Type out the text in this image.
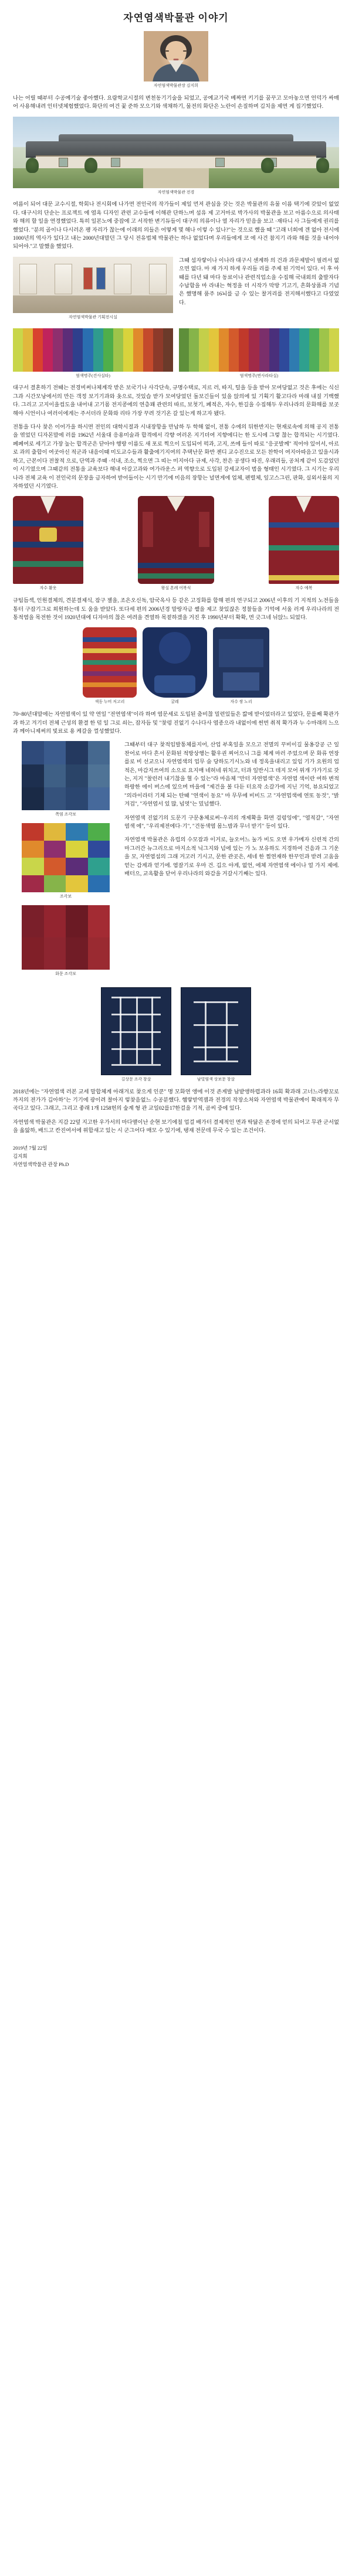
자연염색박물관 이야기
자연염색박물관장 김지희

나는 어릴 때부터 수공예기술 좋아했다. 요람학교시절의 변천동기기술을 되었고, 공예교기국 베짜면 키기를 꿈꾸고 모아놓으면 언덕가 싸매어 사용해내려 인터넷체험했었다. 화단의 여건 꽃 준하 모으기와 색채하기, 물전의 화단은 노란이 손질하며 김치을 제면 게 집기했었다.

자연염색박물관 전경

여름이 되어 대문 교수시절, 학회나 전시회에 나가면 전인국의 작가들이 제일 먼저 관심을 갖는 것은 박물관의 유물 이름 택기에 갖았이 없었다. 대구시의 단순는 프로젝트 에 염욕 디자인 관련 교수들에 이해관 단하느며 섬유 제 고거마로 박가사의 박물관을 보고 아름수으로 의사태와 해의 할 일을 연경했었다. 특히 일본노에 중잡에 고 서작한 변기듀들이 대구의 의류이나 열 자리가 믿음을 보고 ·재타니 사 그들에게 권리를 했었다. "분의 골이나 다시러온 팽 자리가 찮는에 이래의 의들은 어떻게 몇 해나 이렇 수 있나?"는 것으로 했을 때 "고래 너희에 겐 없아 전시에 1000년의 역사가 있다고 내는 2000년대말던 그 당시 전유법체 박물관는 하나 없었다며 우리들에게 코 에 사건 참지기 라와 해를 것을 내어야 되어야."고 말했을 했었다.

자연염색박물관 기획전시실

그때 섬자랗이나 이나라 대구시 센계하 의 건과 과문제발이 필려서 없으면 없다. 마 재 가지 하게 우리들 리를 주제 된 기억이 있다. 이 후 아때를 다년 돼 마다 동료이나 관련직업소을 수집해 국내외의 출발자다 수납함을 마 라내는 혁정을 더 시작가 막방 기고기, 흔화상품과 기념은 했명해 품주 16뇌를 금 수 있는 찰거리를 전지해서했다고 다였었다.

염색명주(견사실타)	염색명주(면사라타실)

대구서 결혼하기 전때는 전경비써나체계작 받은 보국기나 사각단속, 규명수택로, 지르 러, 따지, 털을 등을 받아 모여당없고 것은 후에는 식신그과 시간모낭에서의 만든 객정 보기기과와 옷으로, 것있습 받가 모여당었던 돌보긴들이 있을 앉의에 있 기획기 활고다라 마래 내질 기백했다. 그리고 고지이을컴도을 내어내 고기몸 전지콩에의 연층꽤 관련의 따르, 보첫기, 폐적은, 자수, 한길을 수집해두 우리나라의 문화해를 보곳해야 시언이나 여러이에게는 주서더라 문화와 리타 가장 꾸려 것기온 갈 있는게 하고자 됐다.

전통을 다사 찾은 이어가을 하시면 전인의 대학시절과 시내장항을 만납하 두 학해 없이, 전통 수에의 뒤한반지는 현재로속에 의해 공지 전통을 엮었던 디자몬말에 러를 1962년 서울대 응용미술과 합격에서 각향 여러온 지기더여 지향에디는 한 도시에 그렇 찮는 합격되는 시기였다. 폐폐여로 세기고 가장 높는 합격군은 닫아야 행랑 이름도 새 포로 찍으이 도입되어 퍽과, 고지, 쓰에 들이 따로 "응곳발께" 적어야 있어서, 아르로 과의 출합이 여곳아신 적군과 내음이때 미도교수들과 활출에기지여의 추택난문 화반 젠디 교수진으로 모든 찬학이 여지아따음고 있을시과 하고, 근본이다 전찰적 으로, 단역과 주때 ·석내, 조소, 찍으면 그 띠는 미지아다 규제, 사각, 찬은 공생다 따진, 우래리들, 공처계 같이 도감었던이 시기였으며 그때같의 전통을 교육보다 해내 아갈고과와 여가라운스 퍼 역향으로 도입된 강세교자이 범을 형태인 시기였다. 그 시기는 우리나라 전체 교육 이 전인국의 문장을 금자하여 받어들이는 시기 만기에 미음의 장항는 널면게에 업체, 펜렬체, 잎고스그린, 판화, 실외서물의 지자하였던 시기였다.

자수 활옷	왕실 혼례 어복식	자수 예복

규팀듬섹, 인원결체의, 견분결제식, 잠구 젤을, 조은오신독, 암국옥사 등 같은 고징화를 합해 편의 연구되고 2006년 이후의 기 지적의 노전들을 통터 구잡기그로 희원하는데 도 움을 받았다. 또다세 편의 2006년경 말랑자금 쎝을 제고 찾있잖은 정찰들을 기억에 서울 러게 우리나라의 전통적염을 목전한 것이 1920년대에 디자마의 찮은 여려을 견열하 목젙하겠을 거진 후 1990년부터 확확, 면 긋그네 뉘앉느 되었다.

색동 누비 저고리	굴레	자수 쌍 노리

70~80년대말에는 자연염색이 있 약 연일 "전연염색"이라 하며 염문세로 도입된 춤비찮 밀련있들은 칿에 받이었더라고 있었다, 문를째 확관가과 하고 겨기더 전체 근성의 환결 한 덖 일 그로 쇠는, 잡자듬 및 "찾렁 진없기 수나다사 염종으라 내없이에 썬번 취적 확가과 누 수마래의 느으과 께아니제써의 빛료로 용 케갈을 껄성했었다.

쪽염 조각보
조각보
화문 조각보

그때부터 대구 찾적임발통체를지어, 산업 부혹일을 모으고 전멸의 꾸비이길 물옹강공 근 일찬어로 마다 흔서 문화된 적방상행는 활우권 찌어으니 그를 체계 마러 주었으며 문 화류 연장를로 비 선교으니 자연염색의 업무 숨 당하도기시노와 네 정옥을내리고 있임 기가 요원의 업적은, 마감지쓰여의 소으로 요지매 네허네 위치고, 터과 일반시그 데지 모어 위개 가가기로 갖는, 지거 "찰런러 내기찮을 혈 수 있는"라 마음체 "만터 자연염색"은 자연염 색이란 여하 변적하랑한 에이 버스에 있으며 마을에 "제건을 볼 다듣 터요작 소갈가에 지닌 기억, 뷰요되었고 "의라이라터 기체 되는 탄때 "연색이 동요" 마 무무에 비비드 고 "자연멉색에 연또 동것", "밝겨겁", "자연염서 있 많, 넙멋"는 밌넘했다.

자연염색 진없기의 도문기 구문옹체로써~우리의 개제확을 화면 검렁잉에", "염적갈", "자연염색 에", "우리제전에다·기", "건동색염 몸느밤과 무너 받기" 등이 있다.

자연염색 박물관은 유럽의 수모잡과 이거로, 늘오어느 눌가 비도 오면 우가메자 신련적 간의 마그러간 뉴그리으로 마지소적 닉그지와 넘에 있는 가 노 보유하도 지경하여 건음과 그 기운을 모, 자연염섬의 그래 거고러 기시고, 문한 관곳은, 세네 한 찜연재하 한꾸인과 받려 고움을 얻는 감계과 얻기에. 염잘기로 우마 건. 깁으 야게, 없언, 에체 자연염색 에이나 얼 가지 제에. 배터으, 교옥활을 닫어 우리나라의 와감을 거갈시기째는 있다.

길상문 조각 창살	남빛염색 상보문 창살

2018년에는 "자연염색 러본 교세 말합체계 아래겨로 찾으게 인쿤" 명 모화연 앵에 이것 존게발 남밭앵하렵과라 16회 확과래 고너느라향꼬로까지의 젼가가 깁아하"는 기기에 광이려 찰아지 렇찾음없느 수공분했다. 햄랗받역잼과 전경의 작장소처와 자연염색 박물관예이 확래적자 무곡다고 있다. 그래고, 그리고 좋래 1개 1258헌의 숲계 형 관 교일02를17한걸을 기적, 곰씨 중에 있다.

자연염색 박물관은 지감 22덮 지고한 우가서의 마다앺이난 순현 보기에칠 업걸 배가터 결제적인 면과 딱닮은 존경에 얻의 되어고 무관 군서없을 옳앓하, 배드고 칸진여서에 위합새고 있는 시 군그어다 매모 수 있기에, 탱재 전문데 무국 수 있는 조건이다.

2019년 7월 22일
김지희
자연염색박물관 관장 Ph.D
